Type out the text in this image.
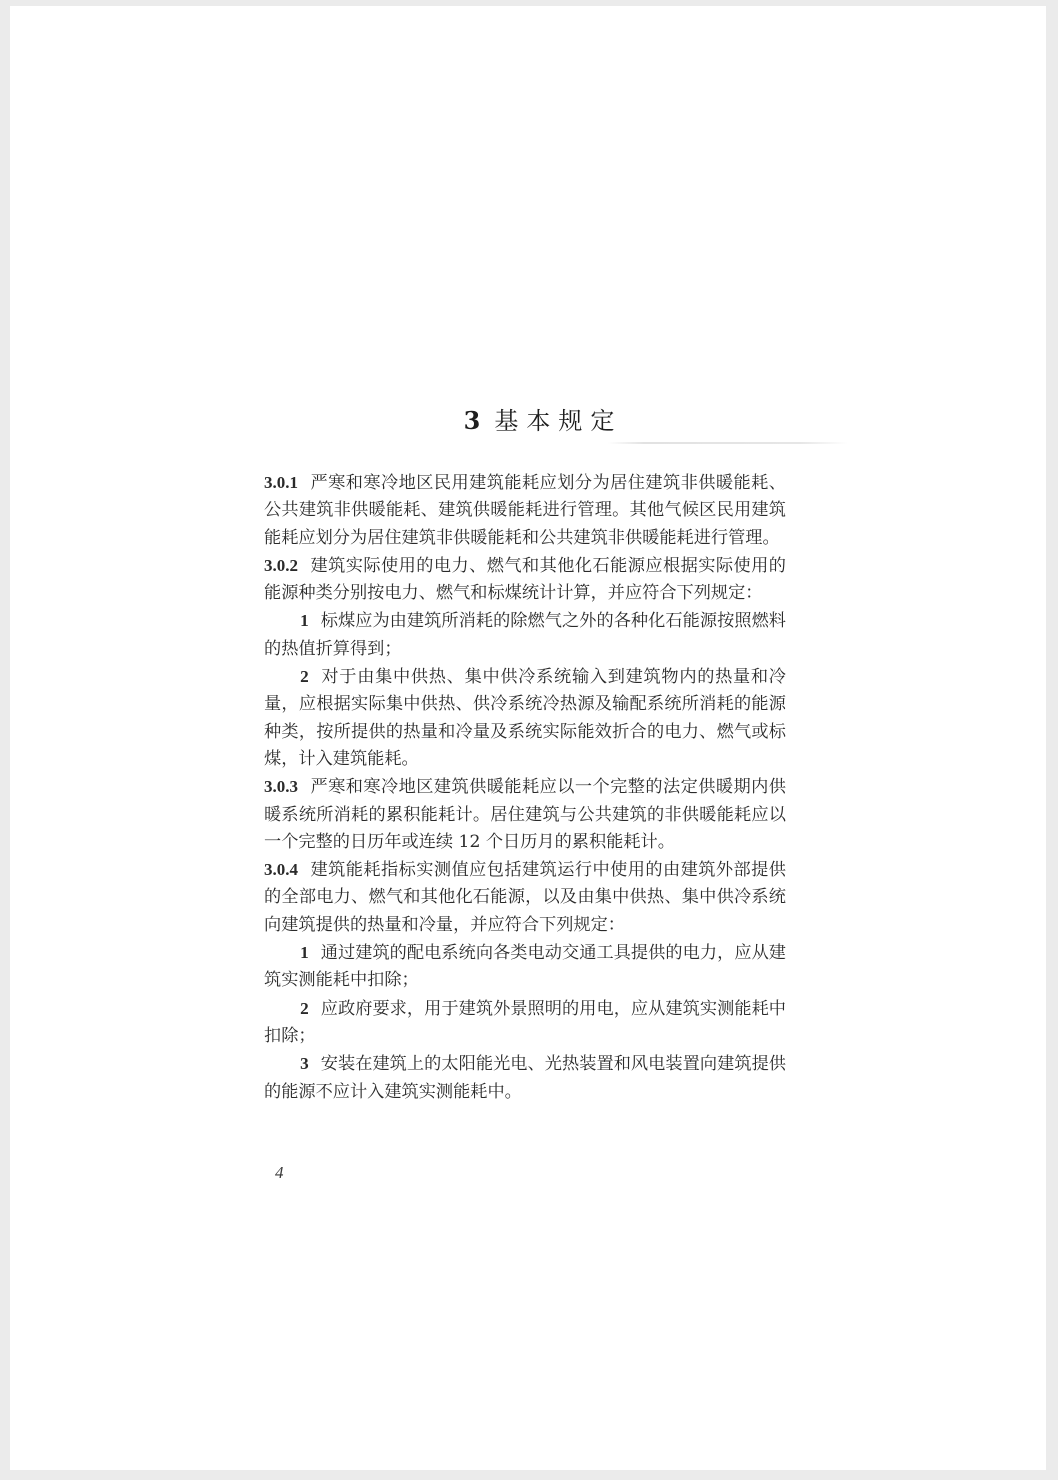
3 基本规定

3.0.1 严寒和寒冷地区民用建筑能耗应划分为居住建筑非供暖能耗、公共建筑非供暖能耗、建筑供暖能耗进行管理。其他气候区民用建筑能耗应划分为居住建筑非供暖能耗和公共建筑非供暖能耗进行管理。

3.0.2 建筑实际使用的电力、燃气和其他化石能源应根据实际使用的能源种类分别按电力、燃气和标煤统计计算，并应符合下列规定：

1 标煤应为由建筑所消耗的除燃气之外的各种化石能源按照燃料的热值折算得到；

2 对于由集中供热、集中供冷系统输入到建筑物内的热量和冷量，应根据实际集中供热、供冷系统冷热源及输配系统所消耗的能源种类，按所提供的热量和冷量及系统实际能效折合的电力、燃气或标煤，计入建筑能耗。

3.0.3 严寒和寒冷地区建筑供暖能耗应以一个完整的法定供暖期内供暖系统所消耗的累积能耗计。居住建筑与公共建筑的非供暖能耗应以一个完整的日历年或连续 12 个日历月的累积能耗计。

3.0.4 建筑能耗指标实测值应包括建筑运行中使用的由建筑外部提供的全部电力、燃气和其他化石能源，以及由集中供热、集中供冷系统向建筑提供的热量和冷量，并应符合下列规定：

1 通过建筑的配电系统向各类电动交通工具提供的电力，应从建筑实测能耗中扣除；

2 应政府要求，用于建筑外景照明的用电，应从建筑实测能耗中扣除；

3 安装在建筑上的太阳能光电、光热装置和风电装置向建筑提供的能源不应计入建筑实测能耗中。

4
